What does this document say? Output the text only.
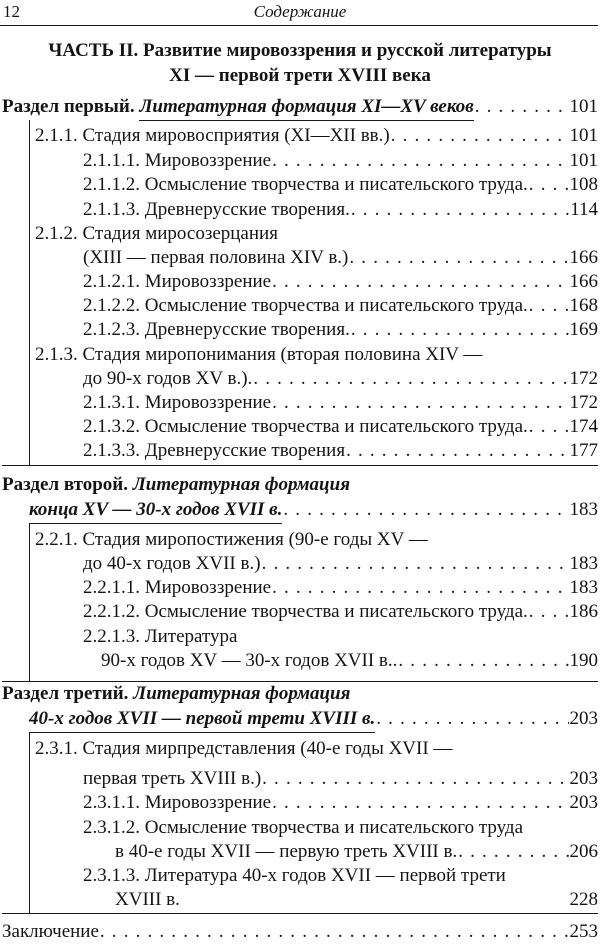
12	Содержание
ЧАСТЬ II. Развитие мировоззрения и русской литературы
XI — первой трети XVIII века
Раздел первый.
Литературная формация XI—XV веков . . .	101
2.1.1. Стадия мировосприятия (XI—XII вв.) . . .	101
2.1.1.1. Мировоззрение . . .	101
2.1.1.2. Осмысление творчества и писательского труда. . . . 108
2.1.1.3. Древнерусские творения. . . .	114
2.1.2. Стадия миросозерцания
(XIII — первая половина XIV в.) . . .	166
2.1.2.1. Мировоззрение . . .	166
2.1.2.2. Осмысление творчества и писательского труда. . . . 168
2.1.2.3. Древнерусские творения. . . .	169
2.1.3. Стадия миропонимания (вторая половина XIV —
до 90-х годов XV в.). . . .	172
2.1.3.1. Мировоззрение . . .	172
2.1.3.2. Осмысление творчества и писательского труда. . . . 174
2.1.3.3. Древнерусские творения . . .	177
Раздел второй. Литературная формация
конца XV — 30-х годов XVII в. . . .	183
2.2.1. Стадия миропостижения (90-е годы XV —
до 40-х годов XVII в.) . . .	183
2.2.1.1. Мировоззрение . . .	183
2.2.1.2. Осмысление творчества и писательского труда. . . . 186
2.2.1.3. Литература
90-х годов XV — 30-х годов XVII в.. . . .	190
Раздел третий. Литературная формация
40-х годов XVII — первой трети XVIII в. . . .	203
2.3.1. Стадия мирпредставления (40-е годы XVII —
первая треть XVIII в.) . . .	203
2.3.1.1. Мировоззрение . . .	203
2.3.1.2. Осмысление творчества и писательского труда
в 40-е годы XVII — первую треть XVIII в. . . .	206
2.3.1.3. Литература 40-х годов XVII — первой трети
XVIII в.	228
Заключение . . .	253
